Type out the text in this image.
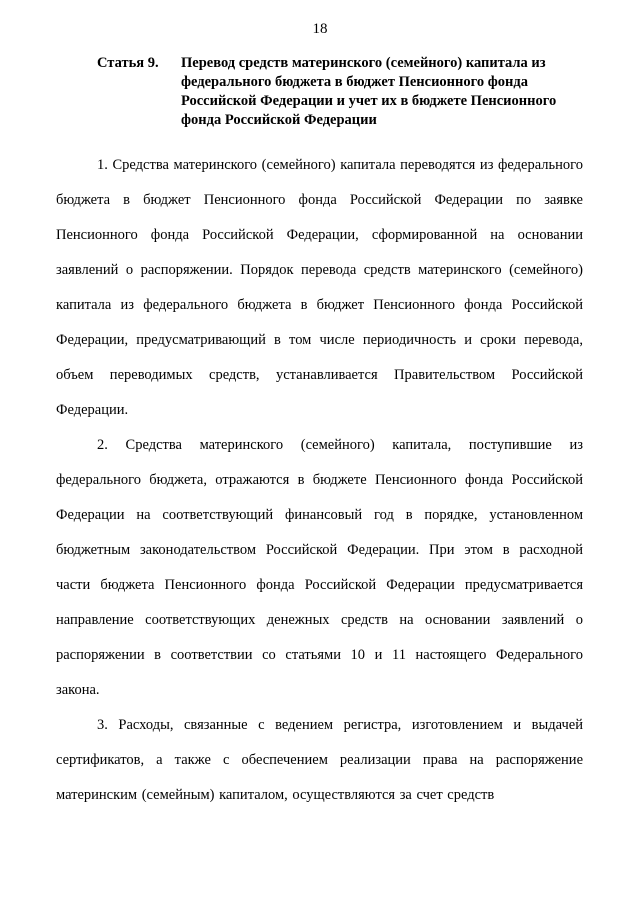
18
Статья 9.	Перевод средств материнского (семейного) капитала из федерального бюджета в бюджет Пенсионного фонда Российской Федерации и учет их в бюджете Пенсионного фонда Российской Федерации

1. Средства материнского (семейного) капитала переводятся из федерального бюджета в бюджет Пенсионного фонда Российской Федерации по заявке Пенсионного фонда Российской Федерации, сформированной на основании заявлений о распоряжении. Порядок перевода средств материнского (семейного) капитала из федерального бюджета в бюджет Пенсионного фонда Российской Федерации, предусматривающий в том числе периодичность и сроки перевода, объем переводимых средств, устанавливается Правительством Российской Федерации.

2. Средства материнского (семейного) капитала, поступившие из федерального бюджета, отражаются в бюджете Пенсионного фонда Российской Федерации на соответствующий финансовый год в порядке, установленном бюджетным законодательством Российской Федерации. При этом в расходной части бюджета Пенсионного фонда Российской Федерации предусматривается направление соответствующих денежных средств на основании заявлений о распоряжении в соответствии со статьями 10 и 11 настоящего Федерального закона.

3. Расходы, связанные с ведением регистра, изготовлением и выдачей сертификатов, а также с обеспечением реализации права на распоряжение материнским (семейным) капиталом, осуществляются за счет средств
